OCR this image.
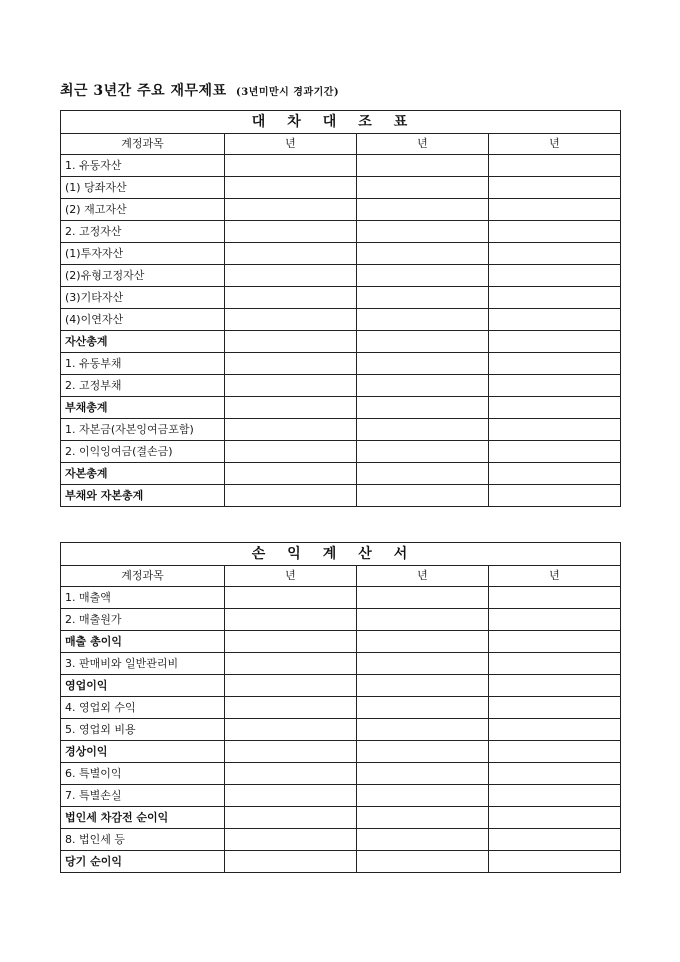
최근 3년간 주요 재무제표 (3년미만시 경과기간)
대차대조표			
계정과목	년	년	년
1. 유동자산			
(1) 당좌자산			
(2) 재고자산			
2. 고정자산			
(1)투자자산			
(2)유형고정자산			
(3)기타자산			
(4)이연자산			
자산총계			
1. 유동부채			
2. 고정부채			
부채총계			
1. 자본금(자본잉여금포함)			
2. 이익잉여금(결손금)			
자본총계			
부채와 자본총계			
손익계산서			
계정과목	년	년	년
1. 매출액			
2. 매출원가			
매출 총이익			
3. 판매비와 일반관리비			
영업이익			
4. 영업외 수익			
5. 영업외 비용			
경상이익			
6. 특별이익			
7. 특별손실			
법인세 차감전 순이익			
8. 법인세 등			
당기 순이익			
